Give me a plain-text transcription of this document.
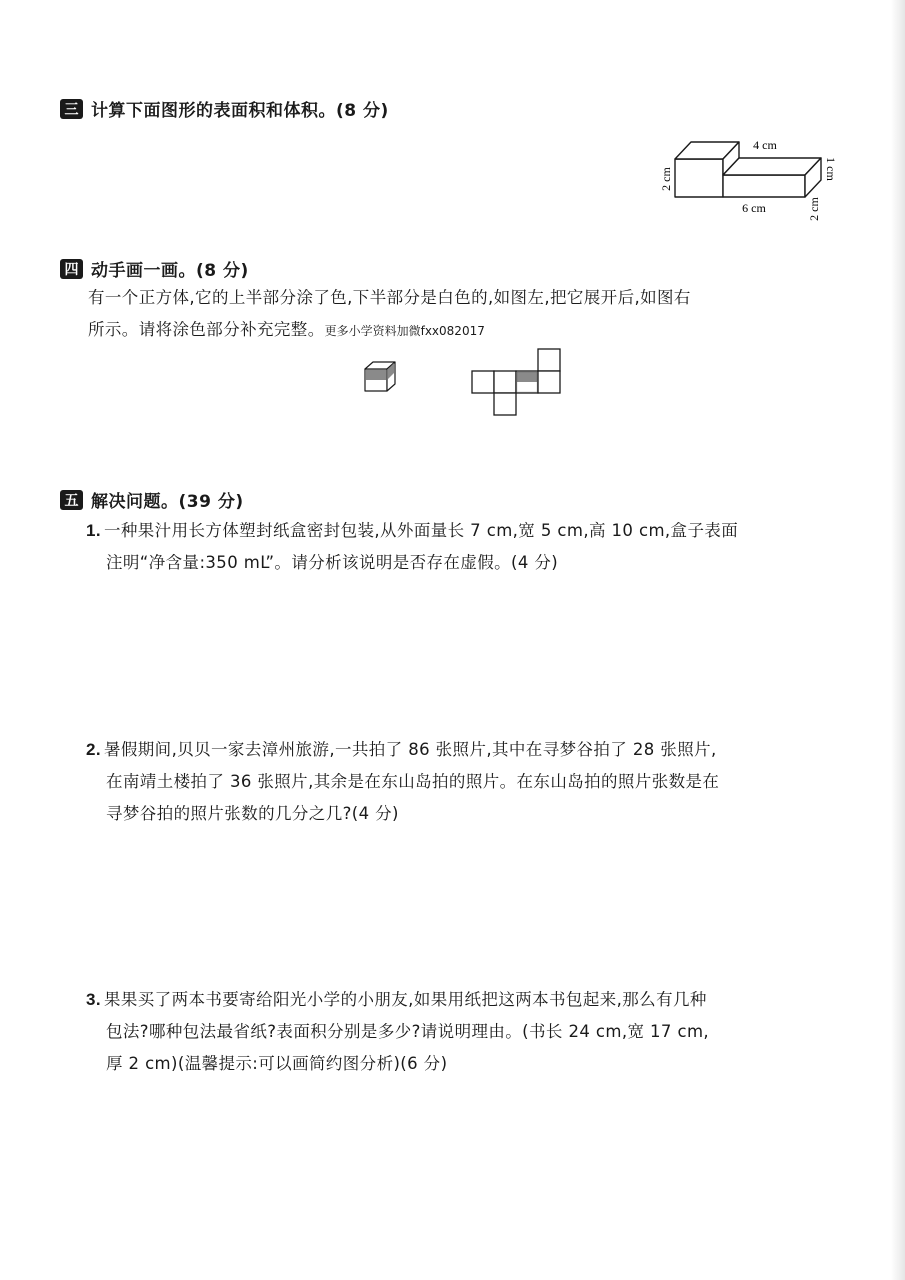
三 计算下面图形的表面积和体积。(8 分)
4 cm
6 cm
2 cm	1 cm
2 cm
四 动手画一画。(8 分)
有一个正方体,它的上半部分涂了色,下半部分是白色的,如图左,把它展开后,如图右
所示。请将涂色部分补充完整。更多小学资料加微fxx082017
五 解决问题。(39 分)
1. 一种果汁用长方体塑封纸盒密封包装,从外面量长 7 cm,宽 5 cm,高 10 cm,盒子表面
注明“净含量:350 mL”。请分析该说明是否存在虚假。(4 分)
2. 暑假期间,贝贝一家去漳州旅游,一共拍了 86 张照片,其中在寻梦谷拍了 28 张照片,
在南靖土楼拍了 36 张照片,其余是在东山岛拍的照片。在东山岛拍的照片张数是在
寻梦谷拍的照片张数的几分之几?(4 分)
3. 果果买了两本书要寄给阳光小学的小朋友,如果用纸把这两本书包起来,那么有几种
包法?哪种包法最省纸?表面积分别是多少?请说明理由。(书长 24 cm,宽 17 cm,
厚 2 cm)(温馨提示:可以画简约图分析)(6 分)
